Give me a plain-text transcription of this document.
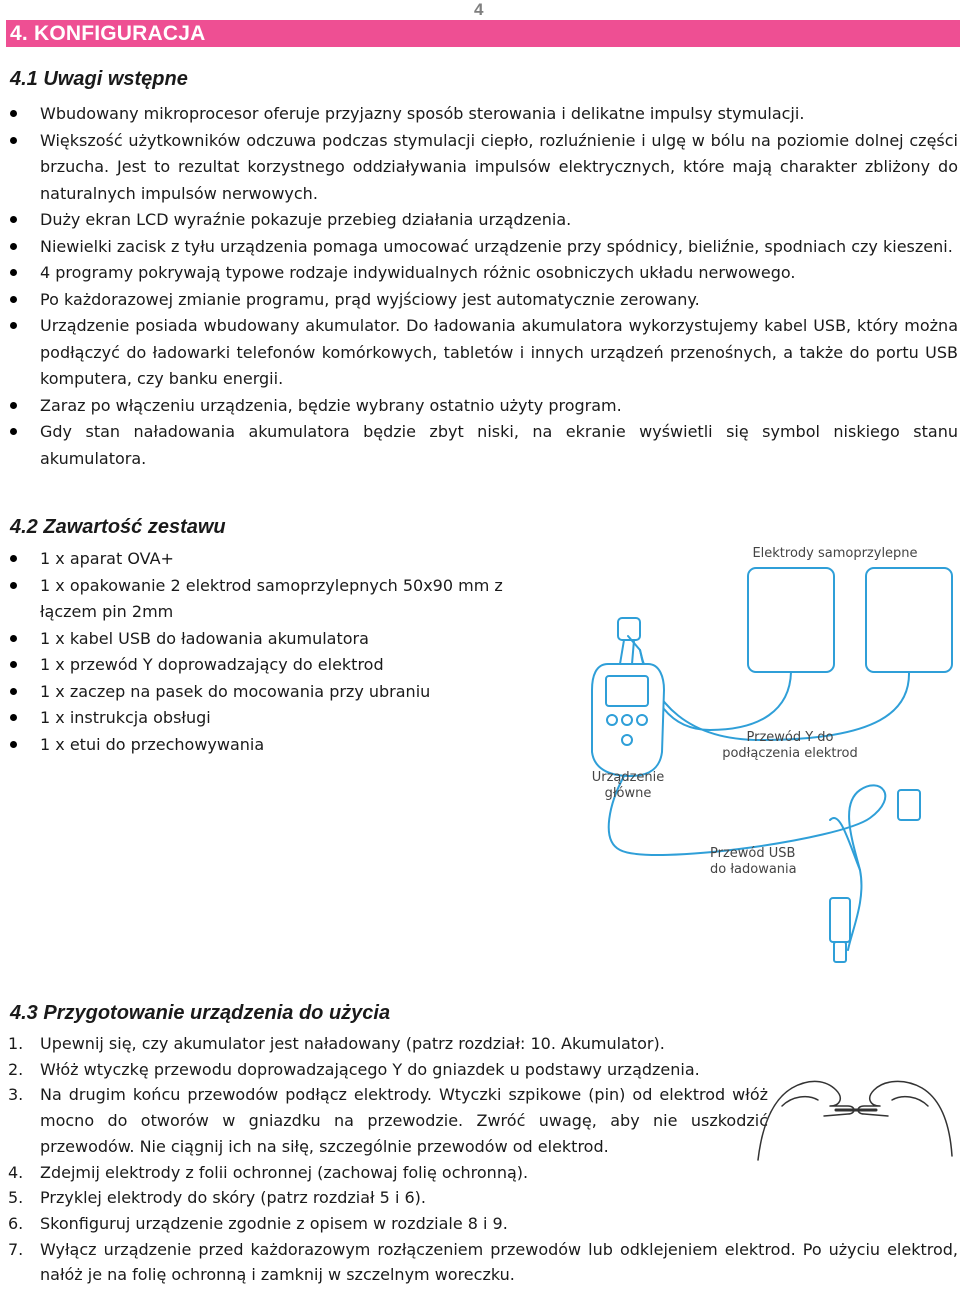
4
4. KONFIGURACJA
4.1 Uwagi wstępne
Wbudowany mikroprocesor oferuje przyjazny sposób sterowania i delikatne impulsy stymulacji.
Większość użytkowników odczuwa podczas stymulacji ciepło, rozluźnienie i ulgę w bólu na poziomie dolnej części brzucha. Jest to rezultat korzystnego oddziaływania impulsów elektrycznych, które mają charakter zbliżony do naturalnych impulsów nerwowych.
Duży ekran LCD wyraźnie pokazuje przebieg działania urządzenia.
Niewielki zacisk z tyłu urządzenia pomaga umocować urządzenie przy spódnicy, bieliźnie, spodniach czy kieszeni.
4 programy pokrywają typowe rodzaje indywidualnych różnic osobniczych układu nerwowego.
Po każdorazowej zmianie programu, prąd wyjściowy jest automatycznie zerowany.
Urządzenie posiada wbudowany akumulator. Do ładowania akumulatora wykorzystujemy kabel USB, który można podłączyć do ładowarki telefonów komórkowych, tabletów i innych urządzeń przenośnych, a także do portu USB komputera, czy banku energii.
Zaraz po włączeniu urządzenia, będzie wybrany ostatnio użyty program.
Gdy stan naładowania akumulatora będzie zbyt niski, na ekranie wyświetli się symbol niskiego stanu akumulatora.
4.2 Zawartość zestawu
1 x aparat OVA+
1 x opakowanie 2 elektrod samoprzylepnych 50x90 mm z łączem pin 2mm
1 x kabel USB do ładowania akumulatora
1 x przewód Y doprowadzający do elektrod
1 x zaczep na pasek do mocowania przy ubraniu
1 x instrukcja obsługi
1 x etui do przechowywania
Elektrody samoprzylepne
Przewód Y do
podłączenia elektrod
Urządzenie
główne
Przewód USB
do ładowania
4.3 Przygotowanie urządzenia do użycia
1. Upewnij się, czy akumulator jest naładowany (patrz rozdział: 10. Akumulator).
2. Włóż wtyczkę przewodu doprowadzającego Y do gniazdek u podstawy urządzenia.
3. Na drugim końcu przewodów podłącz elektrody. Wtyczki szpikowe (pin) od elektrod włóż mocno do otworów w gniazdku na przewodzie. Zwróć uwagę, aby nie uszkodzić przewodów. Nie ciągnij ich na siłę, szczególnie przewodów od elektrod.
4. Zdejmij elektrody z folii ochronnej (zachowaj folię ochronną).
5. Przyklej elektrody do skóry (patrz rozdział 5 i 6).
6. Skonfiguruj urządzenie zgodnie z opisem w rozdziale 8 i 9.
7. Wyłącz urządzenie przed każdorazowym rozłączeniem przewodów lub odklejeniem elektrod. Po użyciu elektrod, nałóż je na folię ochronną i zamknij w szczelnym woreczku.
